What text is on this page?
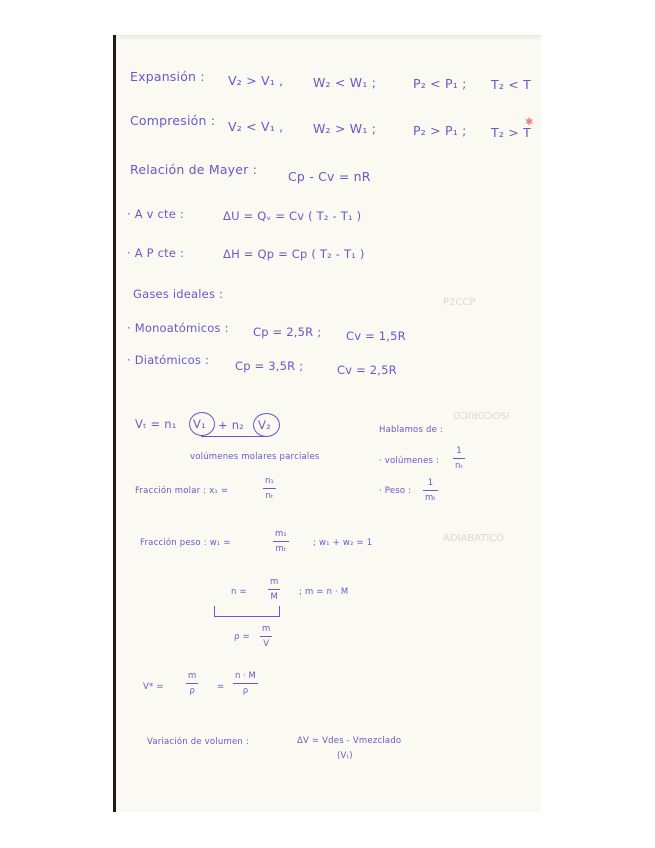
P2CCP
ISOCORICO
ADIABATICO
Expansión : V₂ > V₁ , W₂ < W₁ ;	P₂ < P₁ ; T₂ < T
Compresión : V₂ < V₁ , W₂ > W₁ ;	P₂ > P₁ ; T₂ > T
✱
Relación de Mayer : Cp - Cv = nR
· A v cte :	ΔU = Qᵥ = Cv ( T₂ - T₁ )
· A P cte :	ΔH = Qp = Cp ( T₂ - T₁ )
Gases ideales :
· Monoatómicos : Cp = 2,5R ; Cv = 1,5R
· Diatómicos : Cp = 3,5R ;	Cv = 2,5R
Vₜ = n₁ V₁ + n₂ V₂
volúmenes molares parciales
Hablamos de :
· volúmenes :
1
nₜ
· Peso :
1
mₜ
Fracción molar : x₁ =
n₁
nₜ
Fracción peso : w₁ =
m₁
mₜ
; w₁ + w₂ = 1
n =
m
M ; m = n · M
ρ =
m
V
V* =
m
ρ	=
n · M
ρ
Variación de volumen :	ΔV = Vdes - Vmezclado
(Vₜ)
